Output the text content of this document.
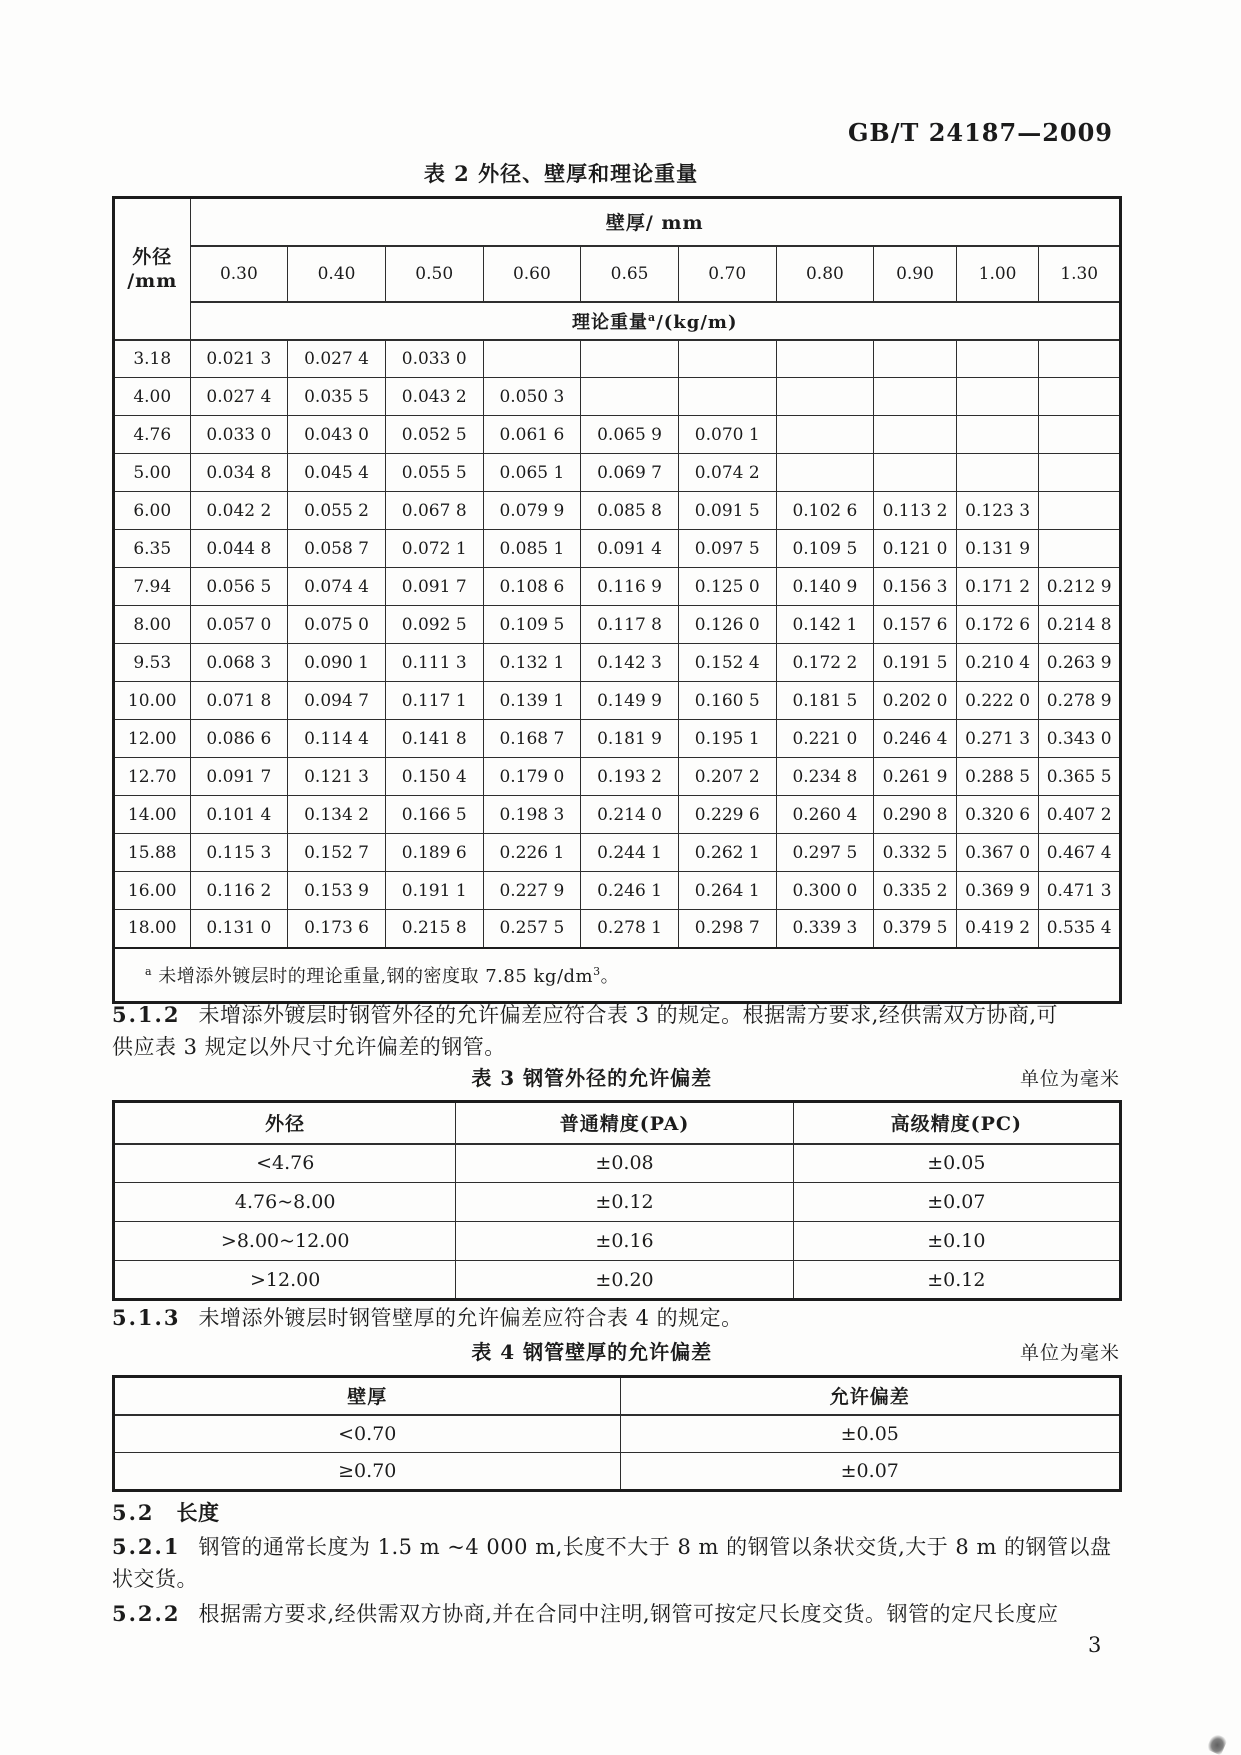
GB/T 24187—2009
表 2 外径、壁厚和理论重量
外径
/mm	壁厚/ mm									
	0.30	0.40	0.50	0.60	0.65	0.70	0.80	0.90	1.00	1.30
	理论重量$^a$/(kg/m)									
3.18	0.021 3	0.027 4	0.033 0							
4.00	0.027 4	0.035 5	0.043 2	0.050 3						
4.76	0.033 0	0.043 0	0.052 5	0.061 6	0.065 9	0.070 1				
5.00	0.034 8	0.045 4	0.055 5	0.065 1	0.069 7	0.074 2				
6.00	0.042 2	0.055 2	0.067 8	0.079 9	0.085 8	0.091 5	0.102 6	0.113 2	0.123 3	
6.35	0.044 8	0.058 7	0.072 1	0.085 1	0.091 4	0.097 5	0.109 5	0.121 0	0.131 9	
7.94	0.056 5	0.074 4	0.091 7	0.108 6	0.116 9	0.125 0	0.140 9	0.156 3	0.171 2	0.212 9
8.00	0.057 0	0.075 0	0.092 5	0.109 5	0.117 8	0.126 0	0.142 1	0.157 6	0.172 6	0.214 8
9.53	0.068 3	0.090 1	0.111 3	0.132 1	0.142 3	0.152 4	0.172 2	0.191 5	0.210 4	0.263 9
10.00	0.071 8	0.094 7	0.117 1	0.139 1	0.149 9	0.160 5	0.181 5	0.202 0	0.222 0	0.278 9
12.00	0.086 6	0.114 4	0.141 8	0.168 7	0.181 9	0.195 1	0.221 0	0.246 4	0.271 3	0.343 0
12.70	0.091 7	0.121 3	0.150 4	0.179 0	0.193 2	0.207 2	0.234 8	0.261 9	0.288 5	0.365 5
14.00	0.101 4	0.134 2	0.166 5	0.198 3	0.214 0	0.229 6	0.260 4	0.290 8	0.320 6	0.407 2
15.88	0.115 3	0.152 7	0.189 6	0.226 1	0.244 1	0.262 1	0.297 5	0.332 5	0.367 0	0.467 4
16.00	0.116 2	0.153 9	0.191 1	0.227 9	0.246 1	0.264 1	0.300 0	0.335 2	0.369 9	0.471 3
18.00	0.131 0	0.173 6	0.215 8	0.257 5	0.278 1	0.298 7	0.339 3	0.379 5	0.419 2	0.535 4
$^a$ 未增添外镀层时的理论重量,钢的密度取 7.85 $kg/dm^3$。										

5.1.2 未增添外镀层时钢管外径的允许偏差应符合表 3 的规定。根据需方要求,经供需双方协商,可
供应表 3 规定以外尺寸允许偏差的钢管。

表 3 钢管外径的允许偏差	单位为毫米
外径	普通精度(PA)	高级精度(PC)
<4.76	±0.08	±0.05
4.76~8.00	±0.12	±0.07
>8.00~12.00	±0.16	±0.10
>12.00	±0.20	±0.12

5.1.3 未增添外镀层时钢管壁厚的允许偏差应符合表 4 的规定。

表 4 钢管壁厚的允许偏差	单位为毫米
壁厚	允许偏差
<0.70	±0.05
≥0.70	±0.07

5.2 长度

5.2.1 钢管的通常长度为 1.5 m ~4 000 m,长度不大于 8 m 的钢管以条状交货,大于 8 m 的钢管以盘
状交货。

5.2.2 根据需方要求,经供需双方协商,并在合同中注明,钢管可按定尺长度交货。钢管的定尺长度应

3
